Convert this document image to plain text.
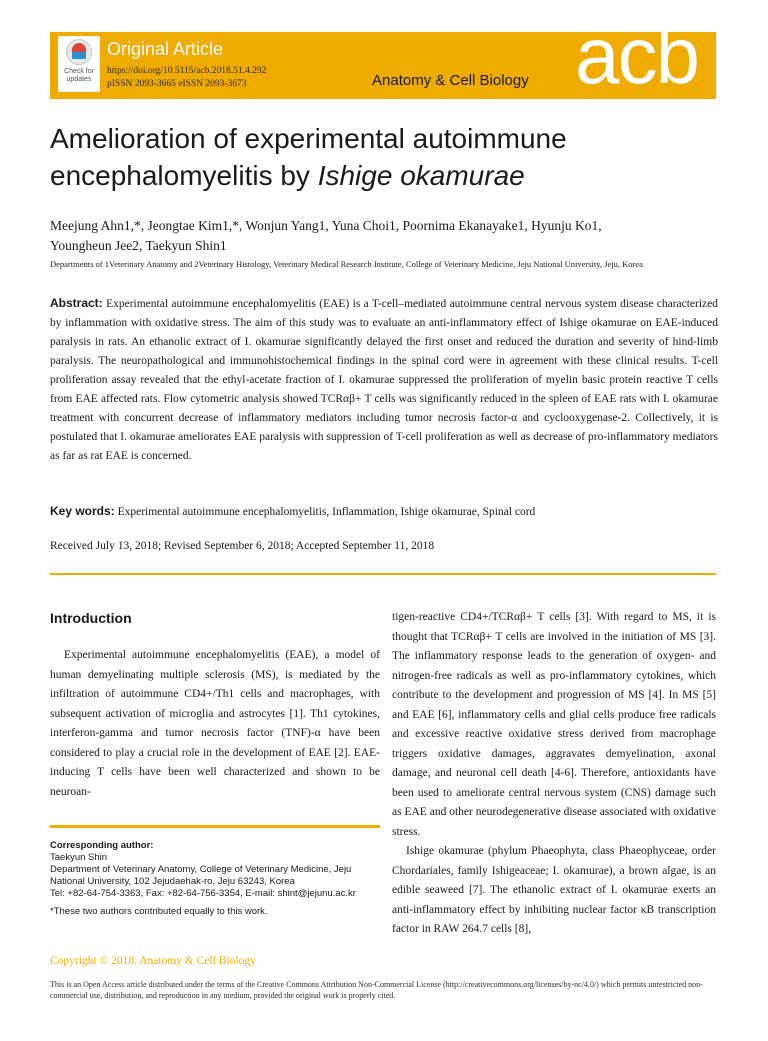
Check for updates
Original Article
https://doi.org/10.5115/acb.2018.51.4.292
pISSN 2093-3665 eISSN 2093-3673	Anatomy & Cell Biology acb
Amelioration of experimental autoimmune encephalomyelitis by Ishige okamurae
Meejung Ahn1,*, Jeongtae Kim1,*, Wonjun Yang1, Yuna Choi1, Poornima Ekanayake1, Hyunju Ko1,
Youngheun Jee2, Taekyun Shin1
Departments of 1Veterinary Anatomy and 2Veterinary Histology, Veterinary Medical Research Institute, College of Veterinary Medicine, Jeju National University, Jeju, Korea
Abstract: Experimental autoimmune encephalomyelitis (EAE) is a T-cell–mediated autoimmune central nervous system disease characterized by inflammation with oxidative stress. The aim of this study was to evaluate an anti-inflammatory effect of Ishige okamurae on EAE-induced paralysis in rats. An ethanolic extract of I. okamurae significantly delayed the first onset and reduced the duration and severity of hind-limb paralysis. The neuropathological and immunohistochemical findings in the spinal cord were in agreement with these clinical results. T-cell proliferation assay revealed that the ethyl-acetate fraction of I. okamurae suppressed the proliferation of myelin basic protein reactive T cells from EAE affected rats. Flow cytometric analysis showed TCRαβ+ T cells was significantly reduced in the spleen of EAE rats with I. okamurae treatment with concurrent decrease of inflammatory mediators including tumor necrosis factor-α and cyclooxygenase-2. Collectively, it is postulated that I. okamurae ameliorates EAE paralysis with suppression of T-cell proliferation as well as decrease of pro-inflammatory mediators as far as rat EAE is concerned.
Key words: Experimental autoimmune encephalomyelitis, Inflammation, Ishige okamurae, Spinal cord
Received July 13, 2018; Revised September 6, 2018; Accepted September 11, 2018
Introduction

Experimental autoimmune encephalomyelitis (EAE), a model of human demyelinating multiple sclerosis (MS), is mediated by the infiltration of autoimmune CD4+/Th1 cells and macrophages, with subsequent activation of microglia and astrocytes [1]. Th1 cytokines, interferon-gamma and tumor necrosis factor (TNF)-α have been considered to play a crucial role in the development of EAE [2]. EAE-inducing T cells have been well characterized and shown to be neuroan-

tigen-reactive CD4+/TCRαβ+ T cells [3]. With regard to MS, it is thought that TCRαβ+ T cells are involved in the initiation of MS [3]. The inflammatory response leads to the generation of oxygen- and nitrogen-free radicals as well as pro-inflammatory cytokines, which contribute to the development and progression of MS [4]. In MS [5] and EAE [6], inflammatory cells and glial cells produce free radicals and excessive reactive oxidative stress derived from macrophage triggers oxidative damages, aggravates demyelination, axonal damage, and neuronal cell death [4-6]. Therefore, antioxidants have been used to ameliorate central nervous system (CNS) damage such as EAE and other neurodegenerative disease associated with oxidative stress.

Ishige okamurae (phylum Phaeophyta, class Phaeophyceae, order Chordariales, family Ishigeaceae; I. okamurae), a brown algae, is an edible seaweed [7]. The ethanolic extract of I. okamurae exerts an anti-inflammatory effect by inhibiting nuclear factor κB transcription factor in RAW 264.7 cells [8],

Corresponding author:
Taekyun Shin
Department of Veterinary Anatomy, College of Veterinary Medicine, Jeju National University, 102 Jejudaehak-ro, Jeju 63243, Korea
Tel: +82-64-754-3363, Fax: +82-64-756-3354, E-mail: shint@jejunu.ac.kr
*These two authors contributed equally to this work.
Copyright © 2018. Anatomy & Cell Biology
This is an Open Access article distributed under the terms of the Creative Commons Attribution Non-Commercial License (http://creativecommons.org/licenses/by-nc/4.0/) which permits unrestricted non-commercial use, distribution, and reproduction in any medium, provided the original work is properly cited.
